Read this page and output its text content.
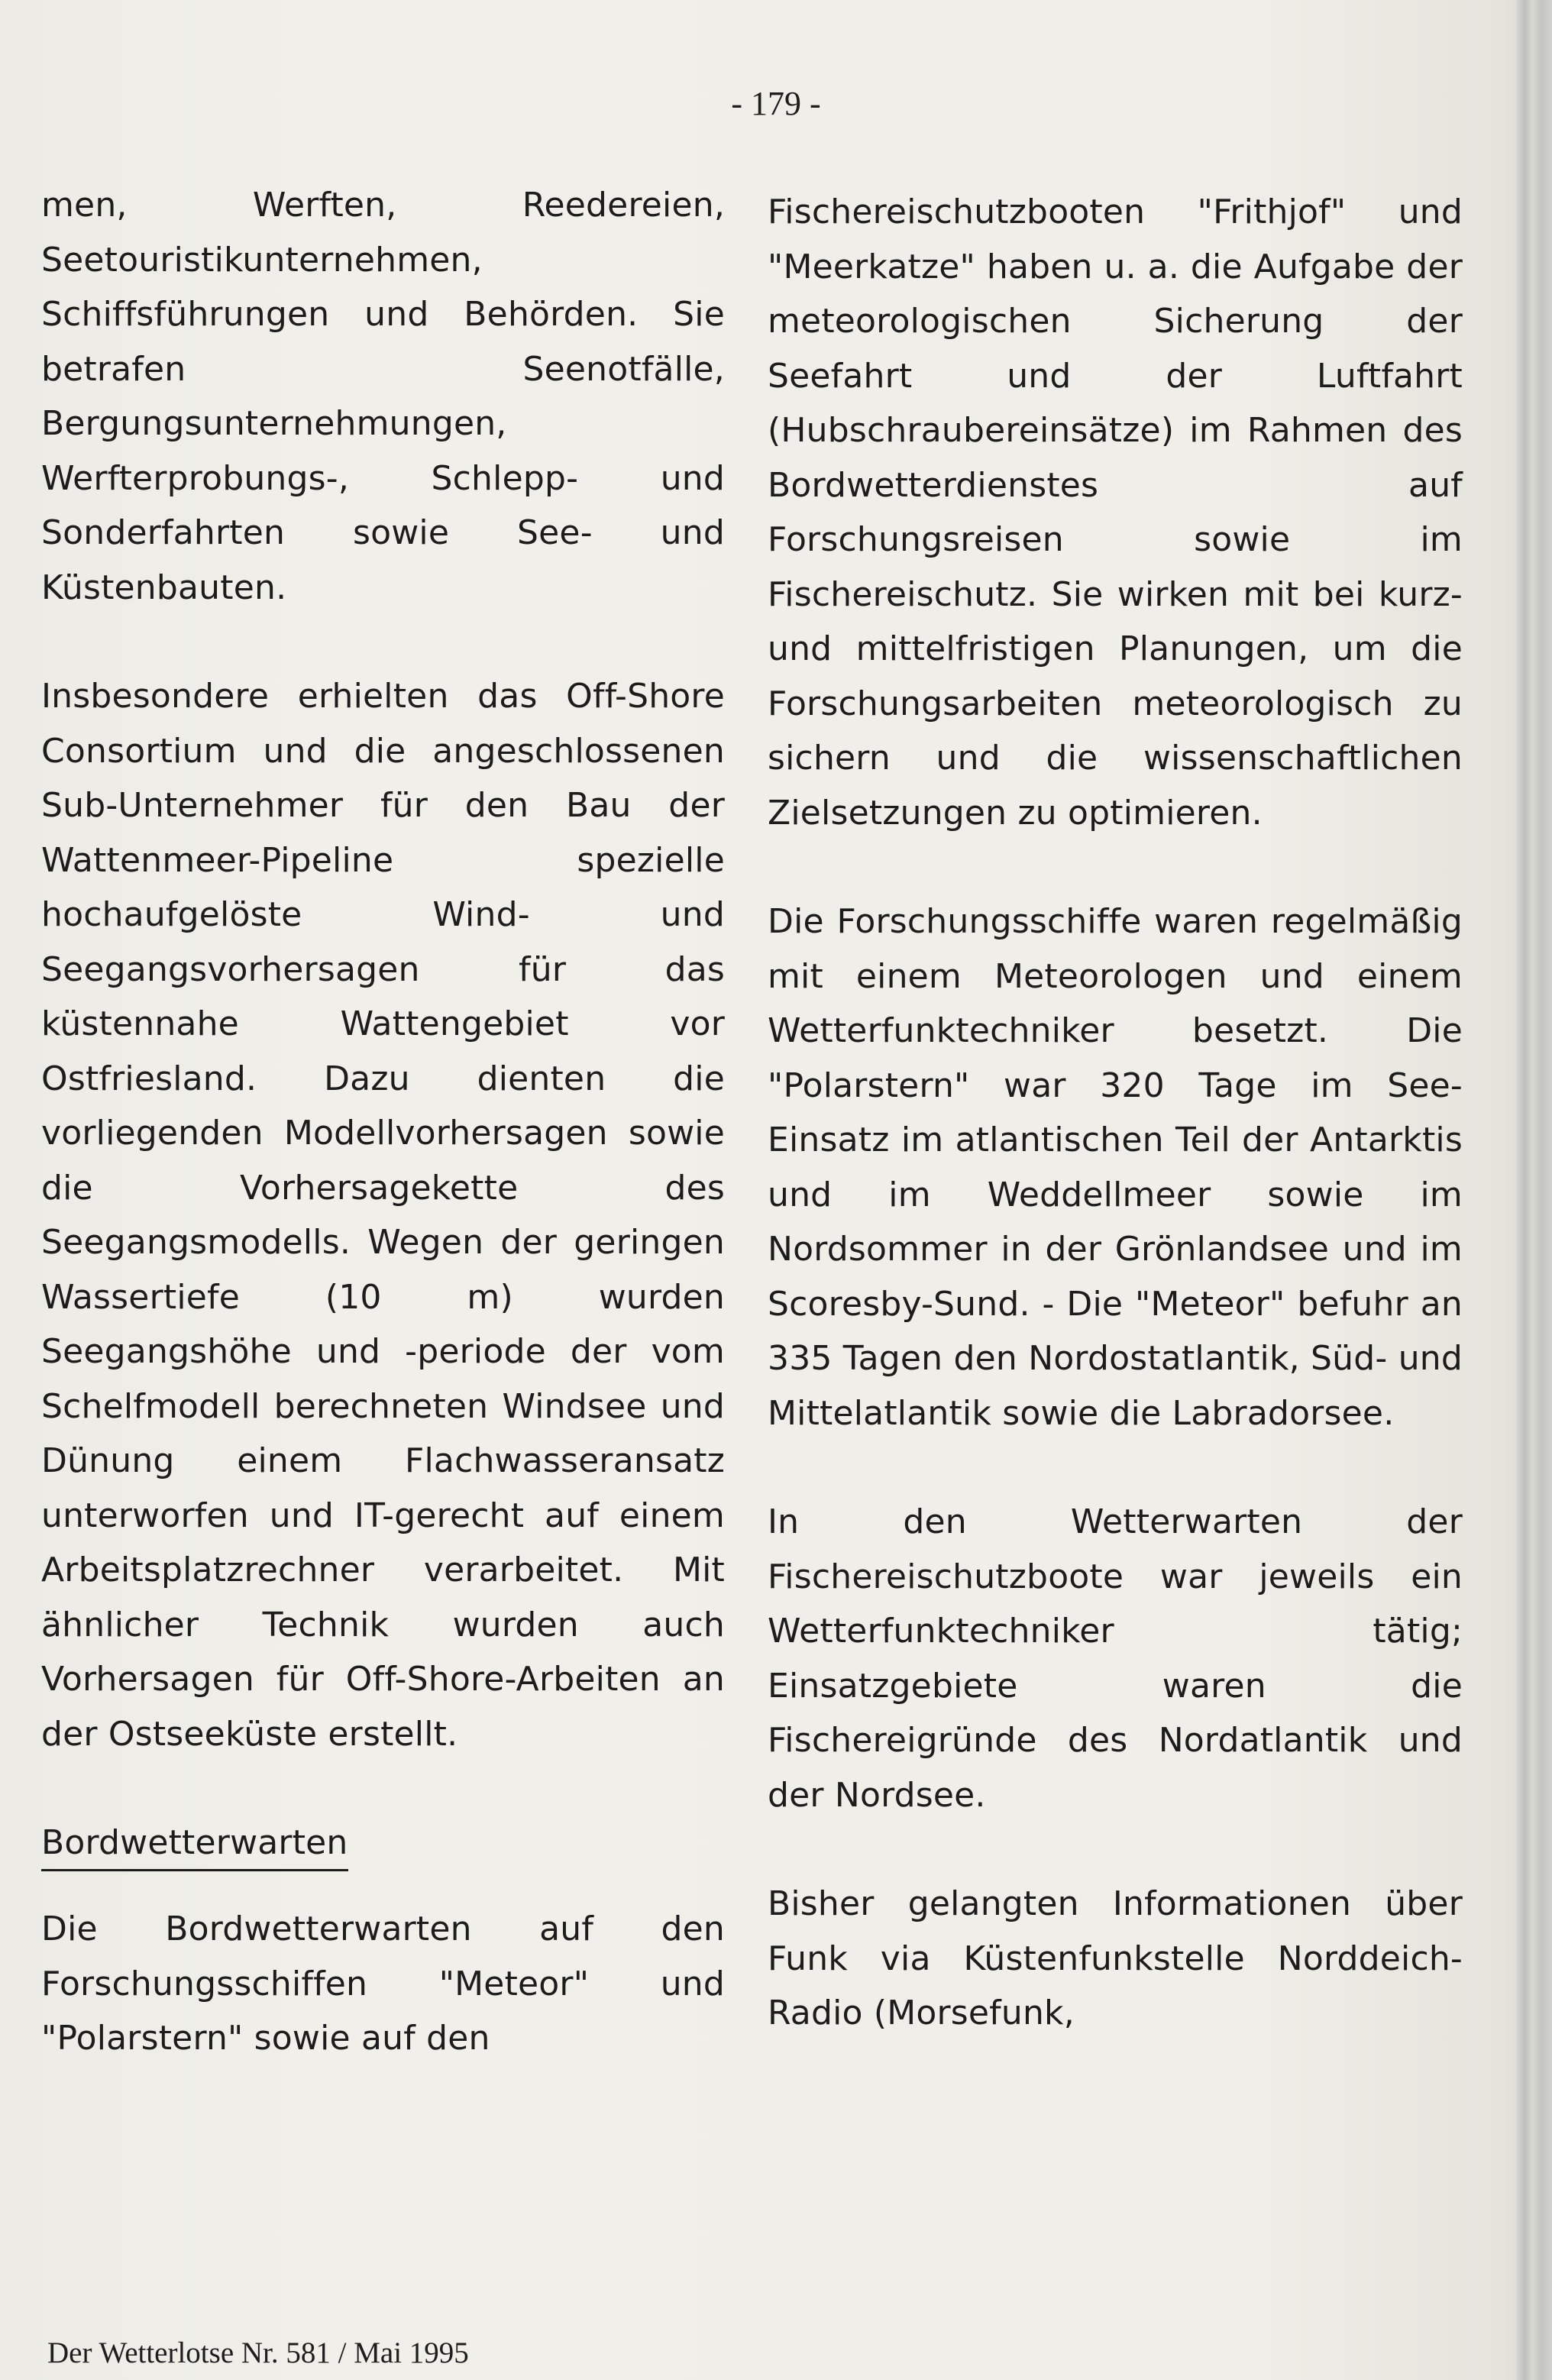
- 179 -

men, Werften, Reedereien, Seetouristikunternehmen, Schiffsführungen und Behörden. Sie betrafen Seenotfälle, Bergungsunternehmungen, Werfterprobungs-, Schlepp- und Sonderfahrten sowie See- und Küstenbauten.

Insbesondere erhielten das Off-Shore Consortium und die angeschlossenen Sub-Unternehmer für den Bau der Wattenmeer-Pipeline spezielle hochaufgelöste Wind- und Seegangsvorhersagen für das küstennahe Wattengebiet vor Ostfriesland. Dazu dienten die vorliegenden Modellvorhersagen sowie die Vorhersagekette des Seegangsmodells. Wegen der geringen Wassertiefe (10 m) wurden Seegangshöhe und -periode der vom Schelfmodell berechneten Windsee und Dünung einem Flachwasseransatz unterworfen und IT-gerecht auf einem Arbeitsplatzrechner verarbeitet. Mit ähnlicher Technik wurden auch Vorhersagen für Off-Shore-Arbeiten an der Ostseeküste erstellt.

Bordwetterwarten

Die Bordwetterwarten auf den Forschungsschiffen "Meteor" und "Polarstern" sowie auf den

Fischereischutzbooten "Frithjof" und "Meerkatze" haben u. a. die Aufgabe der meteorologischen Sicherung der Seefahrt und der Luftfahrt (Hubschraubereinsätze) im Rahmen des Bordwetterdienstes auf Forschungsreisen sowie im Fischereischutz. Sie wirken mit bei kurz- und mittelfristigen Planungen, um die Forschungsarbeiten meteorologisch zu sichern und die wissenschaftlichen Zielsetzungen zu optimieren.

Die Forschungsschiffe waren regelmäßig mit einem Meteorologen und einem Wetterfunktechniker besetzt. Die "Polarstern" war 320 Tage im See-Einsatz im atlantischen Teil der Antarktis und im Weddellmeer sowie im Nordsommer in der Grönlandsee und im Scoresby-Sund. - Die "Meteor" befuhr an 335 Tagen den Nordostatlantik, Süd- und Mittelatlantik sowie die Labradorsee.

In den Wetterwarten der Fischereischutzboote war jeweils ein Wetterfunktechniker tätig; Einsatzgebiete waren die Fischereigründe des Nordatlantik und der Nordsee.

Bisher gelangten Informationen über Funk via Küstenfunkstelle Norddeich-Radio (Morsefunk,

Der Wetterlotse Nr. 581 / Mai 1995
